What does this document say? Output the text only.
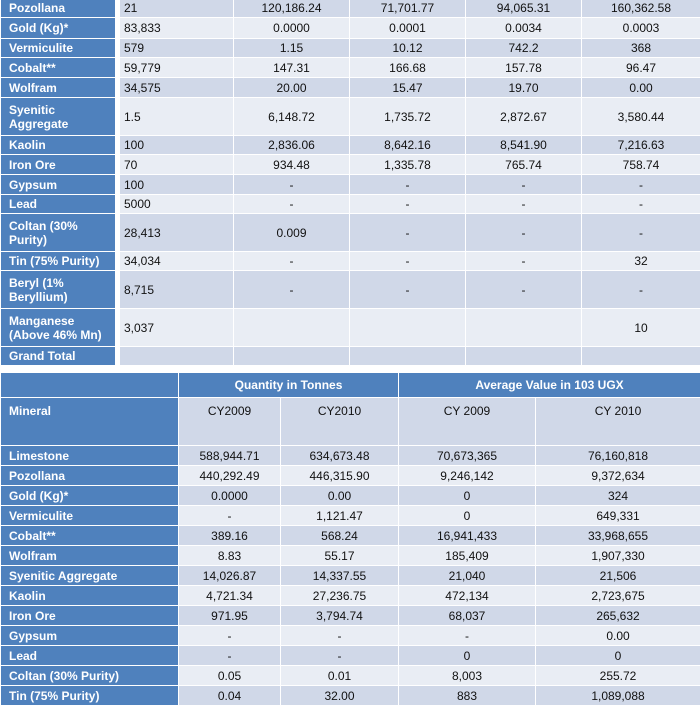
Pozollana		21	120,186.24	71,701.77	94,065.31	160,362.58
Gold (Kg)*		83,833	0.0000	0.0001	0.0034	0.0003
Vermiculite		579	1.15	10.12	742.2	368
Cobalt**		59,779	147.31	166.68	157.78	96.47
Wolfram		34,575	20.00	15.47	19.70	0.00
Syenitic Aggregate		1.5	6,148.72	1,735.72	2,872.67	3,580.44
Kaolin		100	2,836.06	8,642.16	8,541.90	7,216.63
Iron Ore		70	934.48	1,335.78	765.74	758.74
Gypsum		100	-	-	-	-
Lead		5000	-	-	-	-
Coltan (30% Purity)		28,413	0.009	-	-	-
Tin (75% Purity)		34,034	-	-	-	32
Beryl (1% Beryllium)		8,715	-	-	-	-
Manganese (Above 46% Mn)		3,037				10
Grand Total						
	Quantity in Tonnes		Average Value in 103 UGX	
Mineral	CY2009	CY2010	CY 2009	CY 2010
Limestone	588,944.71	634,673.48	70,673,365	76,160,818
Pozollana	440,292.49	446,315.90	9,246,142	9,372,634
Gold (Kg)*	0.0000	0.00	0	324
Vermiculite	-	1,121.47	0	649,331
Cobalt**	389.16	568.24	16,941,433	33,968,655
Wolfram	8.83	55.17	185,409	1,907,330
Syenitic Aggregate	14,026.87	14,337.55	21,040	21,506
Kaolin	4,721.34	27,236.75	472,134	2,723,675
Iron Ore	971.95	3,794.74	68,037	265,632
Gypsum	-	-	-	0.00
Lead	-	-	0	0
Coltan (30% Purity)	0.05	0.01	8,003	255.72
Tin (75% Purity)	0.04	32.00	883	1,089,088
